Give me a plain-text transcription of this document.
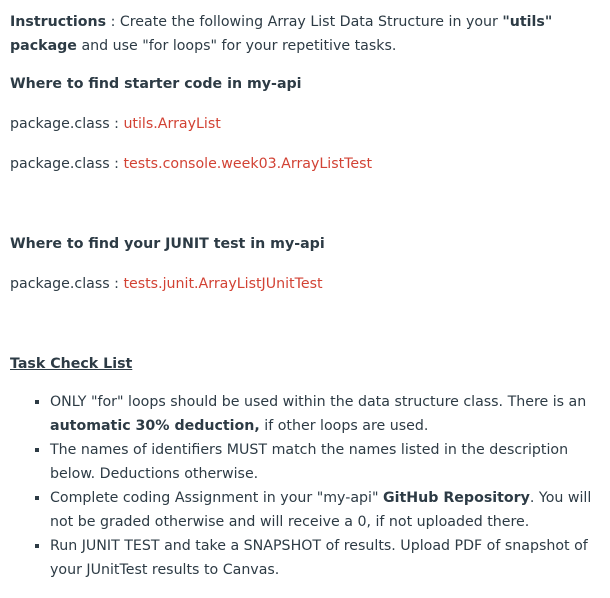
Instructions : Create the following Array List Data Structure in your "utils" package and use "for loops" for your repetitive tasks.

Where to find starter code in my-api

package.class : utils.ArrayList

package.class : tests.console.week03.ArrayListTest

Where to find your JUNIT test in my-api

package.class : tests.junit.ArrayListJUnitTest

Task Check List

ONLY "for" loops should be used within the data structure class. There is an automatic 30% deduction, if other loops are used.
The names of identifiers MUST match the names listed in the description below. Deductions otherwise.
Complete coding Assignment in your "my-api" GitHub Repository. You will not be graded otherwise and will receive a 0, if not uploaded there.
Run JUNIT TEST and take a SNAPSHOT of results. Upload PDF of snapshot of your JUnitTest results to Canvas.
